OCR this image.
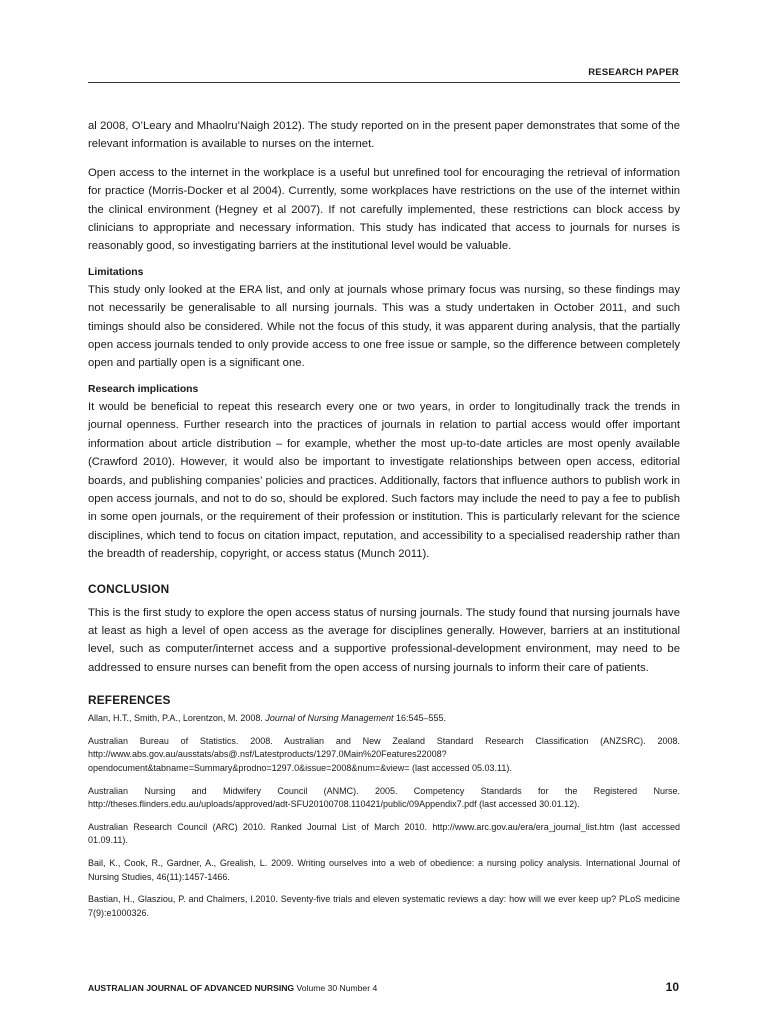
RESEARCH PAPER

al 2008, O’Leary and Mhaolru’Naigh 2012). The study reported on in the present paper demonstrates that some of the relevant information is available to nurses on the internet.

Open access to the internet in the workplace is a useful but unrefined tool for encouraging the retrieval of information for practice (Morris-Docker et al 2004). Currently, some workplaces have restrictions on the use of the internet within the clinical environment (Hegney et al 2007). If not carefully implemented, these restrictions can block access by clinicians to appropriate and necessary information. This study has indicated that access to journals for nurses is reasonably good, so investigating barriers at the institutional level would be valuable.

Limitations

This study only looked at the ERA list, and only at journals whose primary focus was nursing, so these findings may not necessarily be generalisable to all nursing journals. This was a study undertaken in October 2011, and such timings should also be considered. While not the focus of this study, it was apparent during analysis, that the partially open access journals tended to only provide access to one free issue or sample, so the difference between completely open and partially open is a significant one.

Research implications

It would be beneficial to repeat this research every one or two years, in order to longitudinally track the trends in journal openness. Further research into the practices of journals in relation to partial access would offer important information about article distribution – for example, whether the most up-to-date articles are most openly available (Crawford 2010). However, it would also be important to investigate relationships between open access, editorial boards, and publishing companies’ policies and practices. Additionally, factors that influence authors to publish work in open access journals, and not to do so, should be explored. Such factors may include the need to pay a fee to publish in some open journals, or the requirement of their profession or institution. This is particularly relevant for the science disciplines, which tend to focus on citation impact, reputation, and accessibility to a specialised readership rather than the breadth of readership, copyright, or access status (Munch 2011).

CONCLUSION

This is the first study to explore the open access status of nursing journals. The study found that nursing journals have at least as high a level of open access as the average for disciplines generally. However, barriers at an institutional level, such as computer/internet access and a supportive professional-development environment, may need to be addressed to ensure nurses can benefit from the open access of nursing journals to inform their care of patients.

REFERENCES

Allan, H.T., Smith, P.A., Lorentzon, M. 2008. Journal of Nursing Management 16:545–555.

Australian Bureau of Statistics. 2008. Australian and New Zealand Standard Research Classification (ANZSRC). 2008. http://www.abs.gov.au/ausstats/abs@.nsf/Latestproducts/1297.0Main%20Features22008?opendocument&tabname=Summary&prodno=1297.0&issue=2008&num=&view= (last accessed 05.03.11).

Australian Nursing and Midwifery Council (ANMC). 2005. Competency Standards for the Registered Nurse. http://theses.flinders.edu.au/uploads/approved/adt-SFU20100708.110421/public/09Appendix7.pdf (last accessed 30.01.12).

Australian Research Council (ARC) 2010. Ranked Journal List of March 2010. http://www.arc.gov.au/era/era_journal_list.htm (last accessed 01.09.11).

Bail, K., Cook, R., Gardner, A., Grealish, L. 2009. Writing ourselves into a web of obedience: a nursing policy analysis. International Journal of Nursing Studies, 46(11):1457-1466.

Bastian, H., Glasziou, P. and Chalmers, I.2010. Seventy-five trials and eleven systematic reviews a day: how will we ever keep up? PLoS medicine 7(9):e1000326.

AUSTRALIAN JOURNAL OF ADVANCED NURSING Volume 30 Number 4	10
